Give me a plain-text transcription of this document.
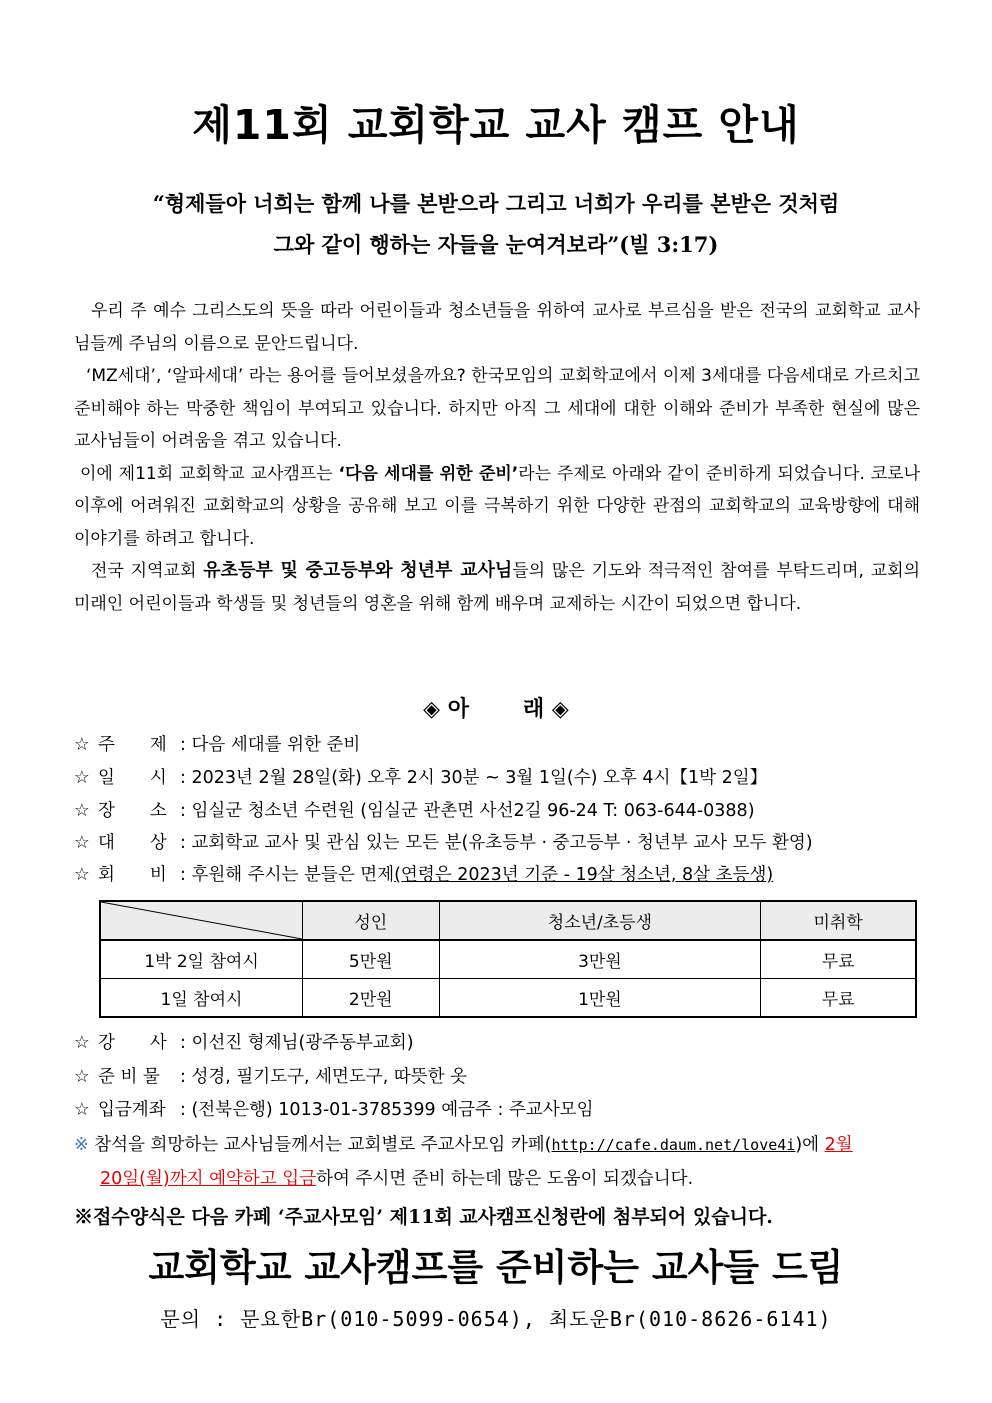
제11회 교회학교 교사 캠프 안내
“형제들아 너희는 함께 나를 본받으라 그리고 너희가 우리를 본받은 것처럼
그와 같이 행하는 자들을 눈여겨보라”(빌 3:17)

우리 주 예수 그리스도의 뜻을 따라 어린이들과 청소년들을 위하여 교사로 부르심을 받은 전국의 교회학교 교사님들께 주님의 이름으로 문안드립니다.

‘MZ세대’, ‘알파세대’ 라는 용어를 들어보셨을까요? 한국모임의 교회학교에서 이제 3세대를 다음세대로 가르치고 준비해야 하는 막중한 책임이 부여되고 있습니다. 하지만 아직 그 세대에 대한 이해와 준비가 부족한 현실에 많은 교사님들이 어려움을 겪고 있습니다.

이에 제11회 교회학교 교사캠프는 ‘다음 세대를 위한 준비’라는 주제로 아래와 같이 준비하게 되었습니다. 코로나 이후에 어려워진 교회학교의 상황을 공유해 보고 이를 극복하기 위한 다양한 관점의 교회학교의 교육방향에 대해 이야기를 하려고 합니다.

전국 지역교회 유초등부 및 중고등부와 청년부 교사님들의 많은 기도와 적극적인 참여를 부탁드리며, 교회의 미래인 어린이들과 학생들 및 청년들의 영혼을 위해 함께 배우며 교제하는 시간이 되었으면 합니다.

◈ 아 래 ◈
☆ 주　　제 : 다음 세대를 위한 준비
☆ 일　　시 : 2023년 2월 28일(화) 오후 2시 30분 ~ 3월 1일(수) 오후 4시【1박 2일】
☆ 장　　소 : 임실군 청소년 수련원 (임실군 관촌면 사선2길 96-24 T: 063-644-0388)
☆ 대　　상 : 교회학교 교사 및 관심 있는 모든 분(유초등부 · 중고등부 · 청년부 교사 모두 환영)
☆ 회　　비 : 후원해 주시는 분들은 면제(연령은 2023년 기준 - 19살 청소년, 8살 초등생)
	성인	청소년/초등생	미취학
1박 2일 참여시	5만원	3만원	무료
1일 참여시	2만원	1만원	무료
☆ 강　　사 : 이선진 형제님(광주동부교회)
☆ 준 비 물 : 성경, 필기도구, 세면도구, 따뜻한 옷
☆ 입금계좌 : (전북은행) 1013-01-3785399 예금주 : 주교사모임
※ 참석을 희망하는 교사님들께서는 교회별로 주교사모임 카페(http://cafe.daum.net/love4i)에 2월
20일(월)까지 예약하고 입금하여 주시면 준비 하는데 많은 도움이 되겠습니다.
※접수양식은 다음 카페 ‘주교사모임’ 제11회 교사캠프신청란에 첨부되어 있습니다.
교회학교 교사캠프를 준비하는 교사들 드림
문의 : 문요한Br(010-5099-0654), 최도운Br(010-8626-6141)
